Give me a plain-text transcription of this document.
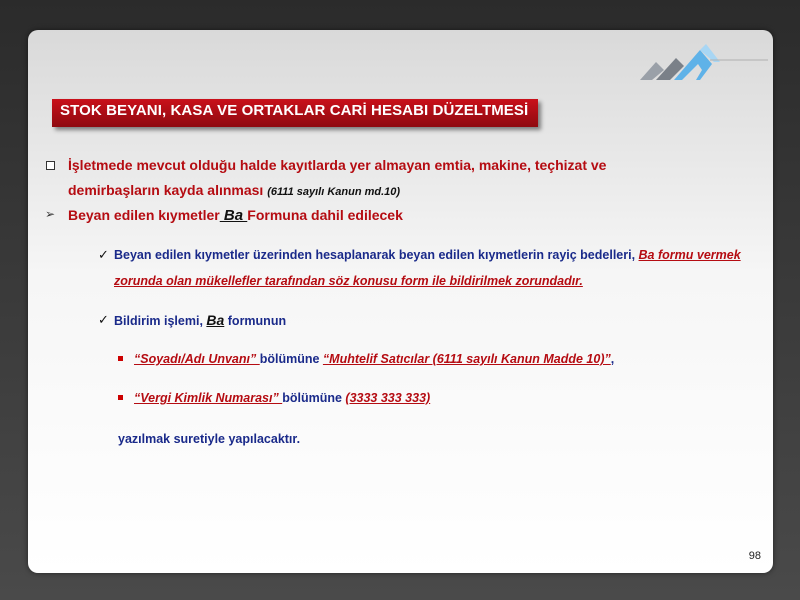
STOK BEYANI, KASA VE ORTAKLAR CARİ HESABI DÜZELTMESİ
İşletmede mevcut olduğu halde kayıtlarda yer almayan emtia, makine, teçhizat ve demirbaşların kayda alınması (6111 sayılı Kanun md.10)
➢ Beyan edilen kıymetler Ba Formuna dahil edilecek
✓ Beyan edilen kıymetler üzerinden hesaplanarak beyan edilen kıymetlerin rayiç bedelleri, Ba formu vermek zorunda olan mükellefler tarafından söz konusu form ile bildirilmek zorundadır.
✓ Bildirim işlemi, Ba formunun
“Soyadı/Adı Unvanı” bölümüne “Muhtelif Satıcılar (6111 sayılı Kanun Madde 10)”,
“Vergi Kimlik Numarası” bölümüne (3333 333 333)
yazılmak suretiyle yapılacaktır.
98
